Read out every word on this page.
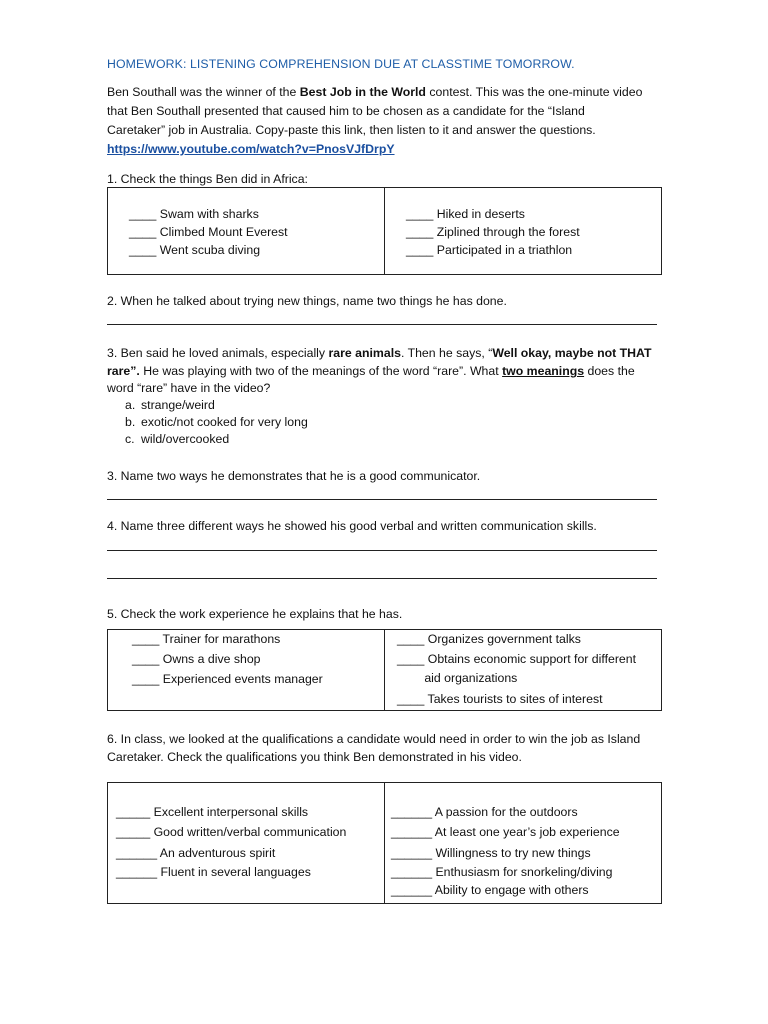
HOMEWORK: LISTENING COMPREHENSION DUE AT CLASSTIME TOMORROW.
Ben Southall was the winner of the Best Job in the World contest. This was the one-minute video
that Ben Southall presented that caused him to be chosen as a candidate for the “Island
Caretaker” job in Australia. Copy-paste this link, then listen to it and answer the questions.
https://www.youtube.com/watch?v=PnosVJfDrpY
1. Check the things Ben did in Africa:
____ Swam with sharks
____ Climbed Mount Everest
____ Went scuba diving

____ Hiked in deserts
____ Ziplined through the forest
____ Participated in a triathlon
2. When he talked about trying new things, name two things he has done.
3. Ben said he loved animals, especially rare animals. Then he says, “Well okay, maybe not THAT
rare”. He was playing with two of the meanings of the word “rare”. What two meanings does the
word “rare” have in the video?
a. strange/weird
b. exotic/not cooked for very long
c. wild/overcooked
3. Name two ways he demonstrates that he is a good communicator.
4. Name three different ways he showed his good verbal and written communication skills.
5. Check the work experience he explains that he has.
____ Trainer for marathons
____ Owns a dive shop
____ Experienced events manager

____ Organizes government talks
____ Obtains economic support for different
aid organizations
____ Takes tourists to sites of interest
6. In class, we looked at the qualifications a candidate would need in order to win the job as Island
Caretaker. Check the qualifications you think Ben demonstrated in his video.
_____ Excellent interpersonal skills
_____ Good written/verbal communication
______ An adventurous spirit
______ Fluent in several languages

______ A passion for the outdoors
______ At least one year’s job experience
______ Willingness to try new things
______ Enthusiasm for snorkeling/diving
______ Ability to engage with others
